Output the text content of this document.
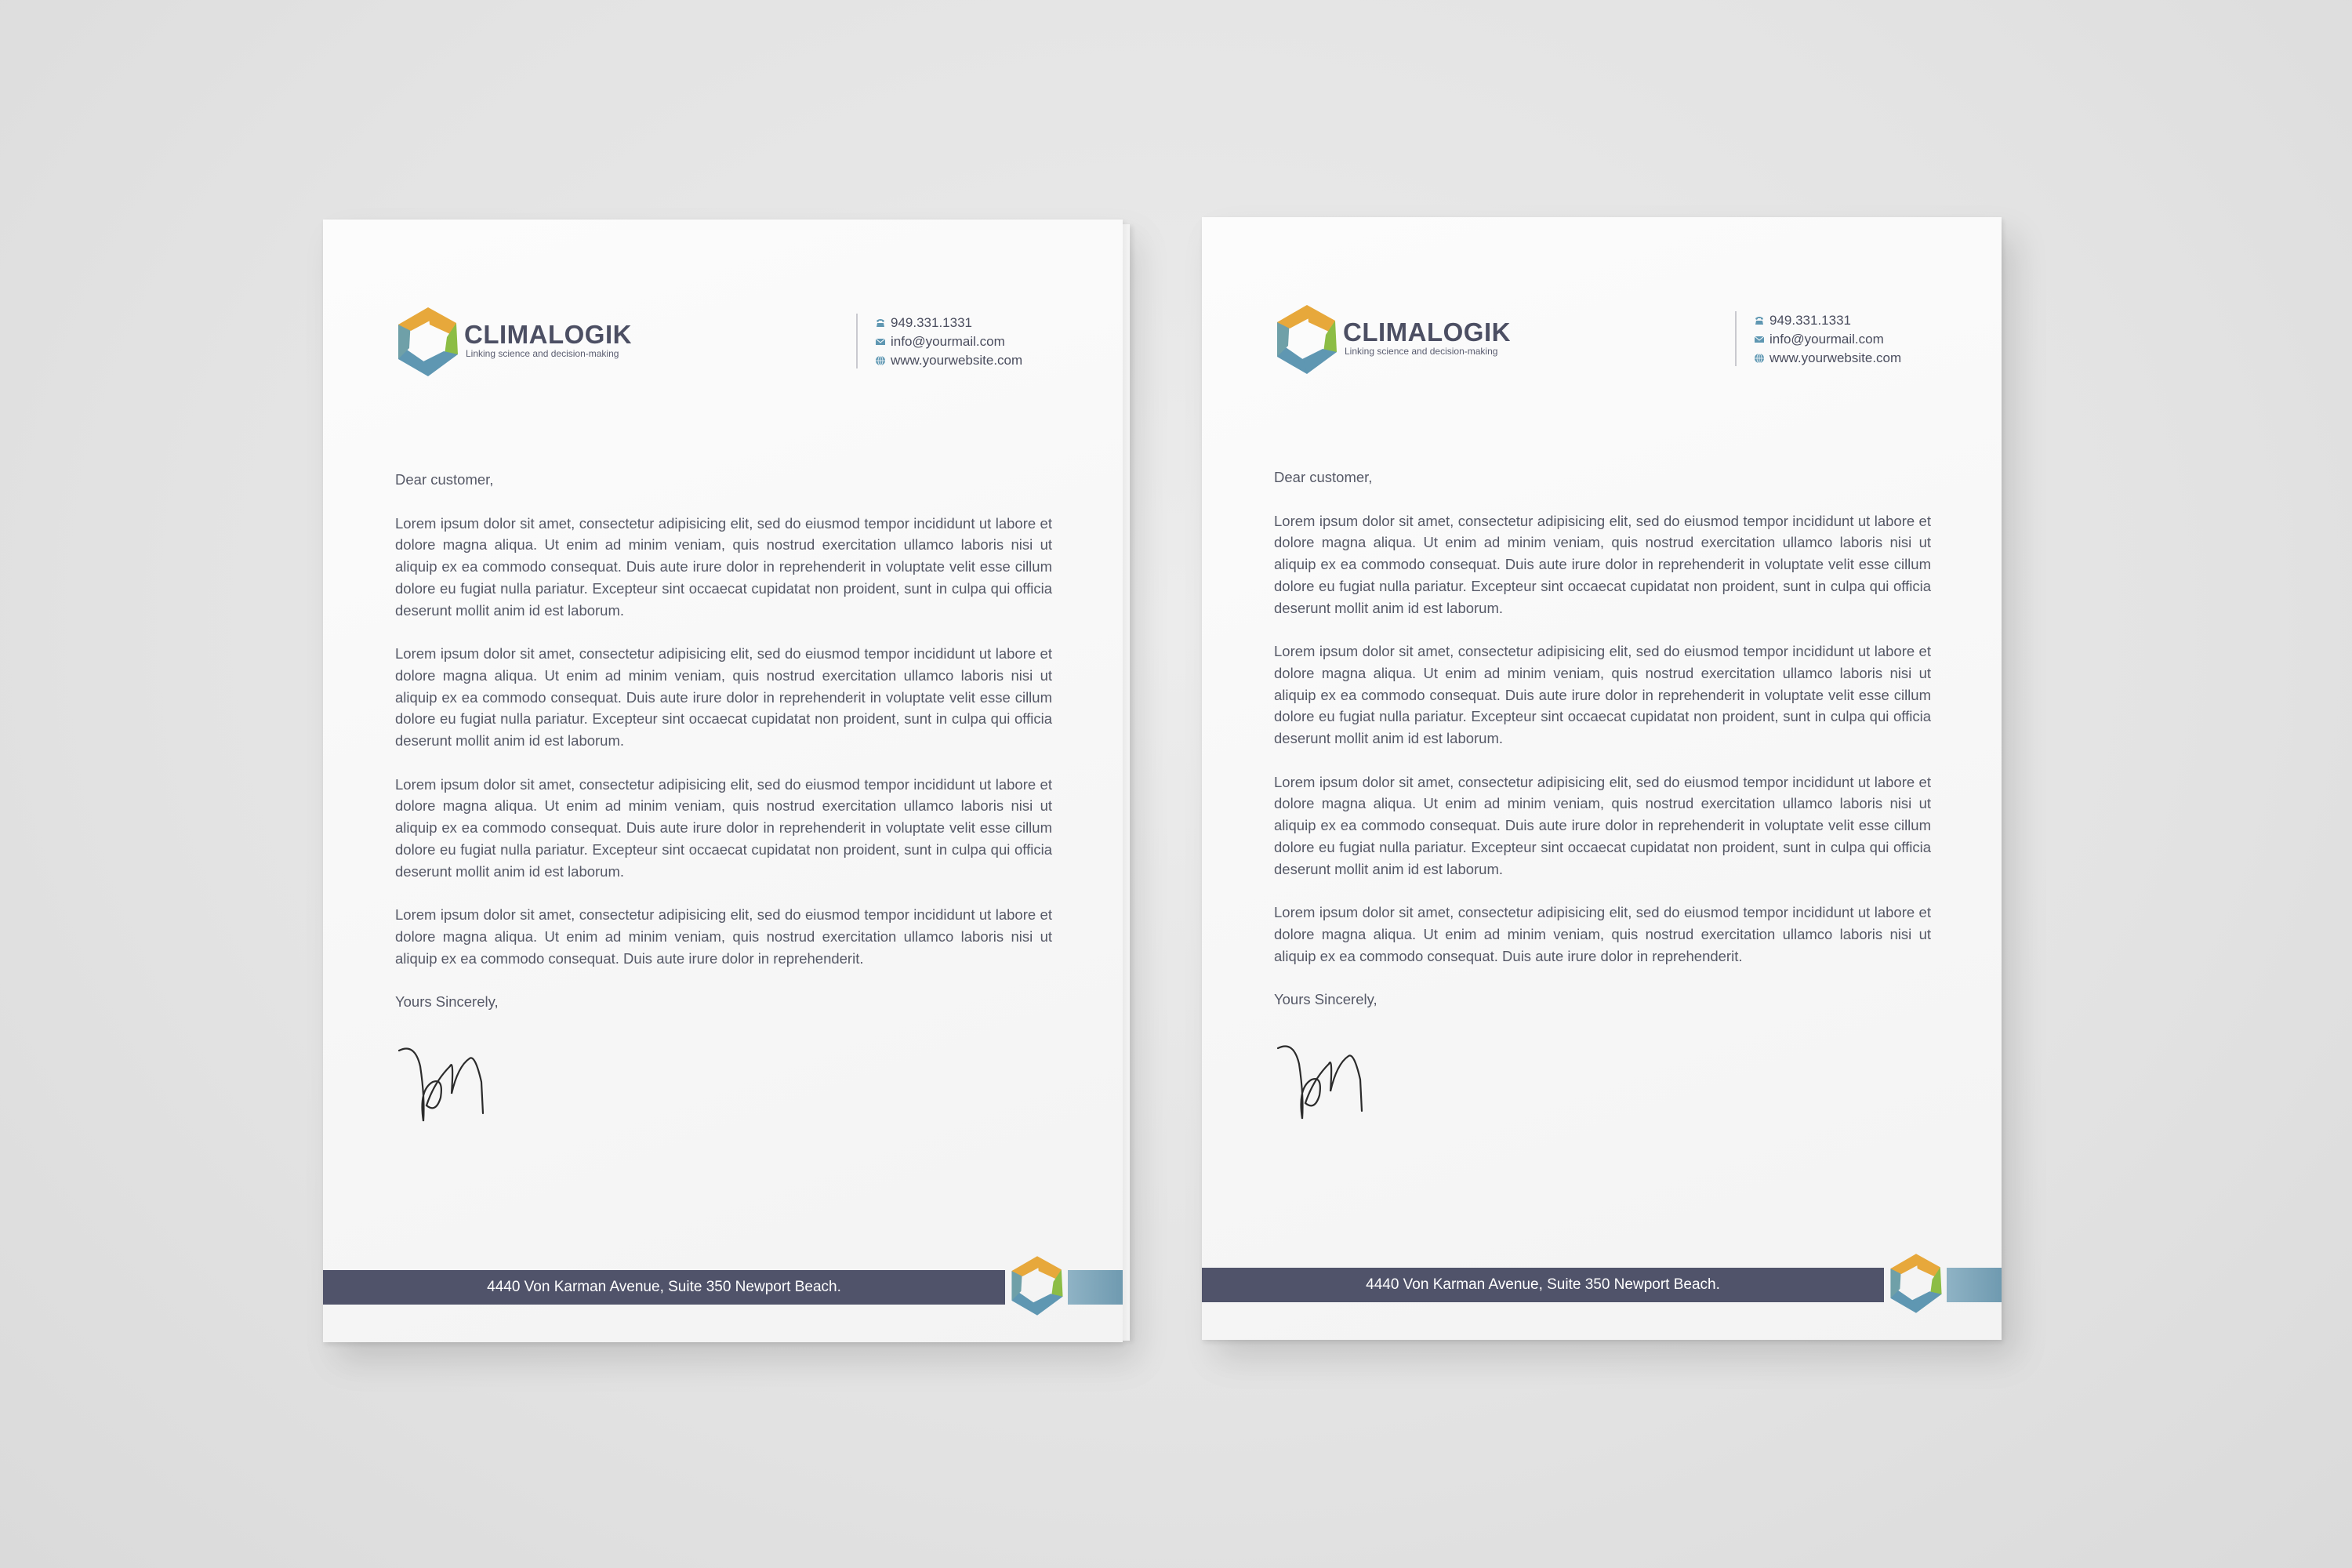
CLIMALOGIK
Linking science and decision-making
949.331.1331
info@yourmail.com
www.yourwebsite.com

Dear customer,

Lorem ipsum dolor sit amet, consectetur adipisicing elit, sed do eiusmod tempor incididunt ut labore et dolore magna aliqua. Ut enim ad minim veniam, quis nostrud exercitation ullamco laboris nisi ut aliquip ex ea commodo consequat. Duis aute irure dolor in reprehenderit in voluptate velit esse cillum dolore eu fugiat nulla pariatur. Excepteur sint occaecat cupidatat non proident, sunt in culpa qui officia deserunt mollit anim id est laborum.

Lorem ipsum dolor sit amet, consectetur adipisicing elit, sed do eiusmod tempor incididunt ut labore et dolore magna aliqua. Ut enim ad minim veniam, quis nostrud exercitation ullamco laboris nisi ut aliquip ex ea commodo consequat. Duis aute irure dolor in reprehenderit in voluptate velit esse cillum dolore eu fugiat nulla pariatur. Excepteur sint occaecat cupidatat non proident, sunt in culpa qui officia deserunt mollit anim id est laborum.

Lorem ipsum dolor sit amet, consectetur adipisicing elit, sed do eiusmod tempor incididunt ut labore et dolore magna aliqua. Ut enim ad minim veniam, quis nostrud exercitation ullamco laboris nisi ut aliquip ex ea commodo consequat. Duis aute irure dolor in reprehenderit in voluptate velit esse cillum dolore eu fugiat nulla pariatur. Excepteur sint occaecat cupidatat non proident, sunt in culpa qui officia deserunt mollit anim id est laborum.

Lorem ipsum dolor sit amet, consectetur adipisicing elit, sed do eiusmod tempor incididunt ut labore et dolore magna aliqua. Ut enim ad minim veniam, quis nostrud exercitation ullamco laboris nisi ut aliquip ex ea commodo consequat. Duis aute irure dolor in reprehenderit.

Yours Sincerely,

4440 Von Karman Avenue, Suite 350 Newport Beach.
CLIMALOGIK
Linking science and decision-making
949.331.1331
info@yourmail.com
www.yourwebsite.com

Dear customer,

Lorem ipsum dolor sit amet, consectetur adipisicing elit, sed do eiusmod tempor incididunt ut labore et dolore magna aliqua. Ut enim ad minim veniam, quis nostrud exercitation ullamco laboris nisi ut aliquip ex ea commodo consequat. Duis aute irure dolor in reprehenderit in voluptate velit esse cillum dolore eu fugiat nulla pariatur. Excepteur sint occaecat cupidatat non proident, sunt in culpa qui officia deserunt mollit anim id est laborum.

Lorem ipsum dolor sit amet, consectetur adipisicing elit, sed do eiusmod tempor incididunt ut labore et dolore magna aliqua. Ut enim ad minim veniam, quis nostrud exercitation ullamco laboris nisi ut aliquip ex ea commodo consequat. Duis aute irure dolor in reprehenderit in voluptate velit esse cillum dolore eu fugiat nulla pariatur. Excepteur sint occaecat cupidatat non proident, sunt in culpa qui officia deserunt mollit anim id est laborum.

Lorem ipsum dolor sit amet, consectetur adipisicing elit, sed do eiusmod tempor incididunt ut labore et dolore magna aliqua. Ut enim ad minim veniam, quis nostrud exercitation ullamco laboris nisi ut aliquip ex ea commodo consequat. Duis aute irure dolor in reprehenderit in voluptate velit esse cillum dolore eu fugiat nulla pariatur. Excepteur sint occaecat cupidatat non proident, sunt in culpa qui officia deserunt mollit anim id est laborum.

Lorem ipsum dolor sit amet, consectetur adipisicing elit, sed do eiusmod tempor incididunt ut labore et dolore magna aliqua. Ut enim ad minim veniam, quis nostrud exercitation ullamco laboris nisi ut aliquip ex ea commodo consequat. Duis aute irure dolor in reprehenderit.

Yours Sincerely,

4440 Von Karman Avenue, Suite 350 Newport Beach.
